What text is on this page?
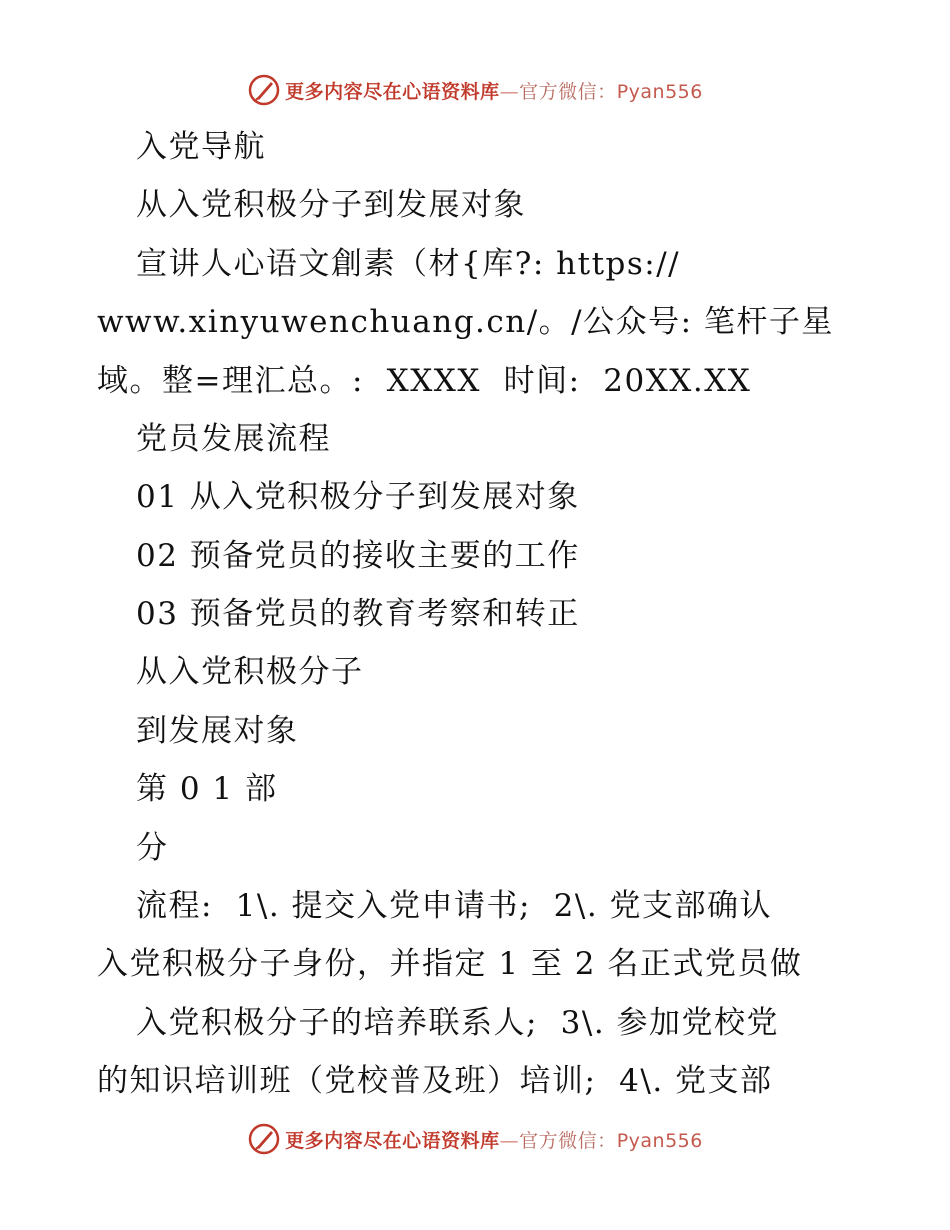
更多内容尽在心语资料库—官方微信：Pyan556
入党导航
从入党积极分子到发展对象
宣讲人心语文創素（材{库?: https://
www.xinyuwenchuang.cn/。/公众号: 笔杆子星
域。整=理汇总。:  XXXX  时间:  20XX.XX
党员发展流程
01 从入党积极分子到发展对象
02 预备党员的接收主要的工作
03 预备党员的教育考察和转正
从入党积极分子
到发展对象
第 0 1 部
分
流程:  1\. 提交入党申请书;  2\. 党支部确认
入党积极分子身份，并指定 1 至 2 名正式党员做
入党积极分子的培养联系人;  3\. 参加党校党
的知识培训班（党校普及班）培训;  4\. 党支部
更多内容尽在心语资料库—官方微信：Pyan556
